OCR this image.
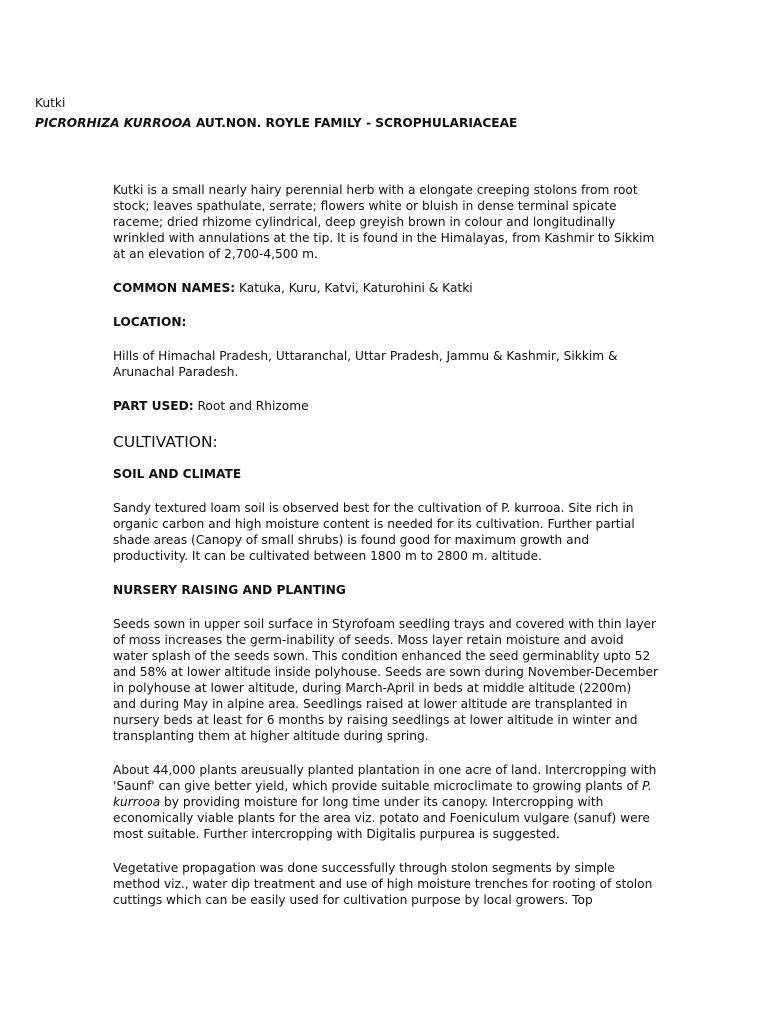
Kutki

PICRORHIZA KURROOA AUT.NON. ROYLE FAMILY - SCROPHULARIACEAE

Kutki is a small nearly hairy perennial herb with a elongate creeping stolons from root stock; leaves spathulate, serrate; flowers white or bluish in dense terminal spicate raceme; dried rhizome cylindrical, deep greyish brown in colour and longitudinally wrinkled with annulations at the tip. It is found in the Himalayas, from Kashmir to Sikkim at an elevation of 2,700-4,500 m.

COMMON NAMES: Katuka, Kuru, Katvi, Katurohini & Katki

LOCATION:

Hills of Himachal Pradesh, Uttaranchal, Uttar Pradesh, Jammu & Kashmir, Sikkim & Arunachal Paradesh.

PART USED: Root and Rhizome

CULTIVATION:

SOIL AND CLIMATE

Sandy textured loam soil is observed best for the cultivation of P. kurrooa. Site rich in organic carbon and high moisture content is needed for its cultivation. Further partial shade areas (Canopy of small shrubs) is found good for maximum growth and productivity. It can be cultivated between 1800 m to 2800 m. altitude.

NURSERY RAISING AND PLANTING

Seeds sown in upper soil surface in Styrofoam seedling trays and covered with thin layer of moss increases the germ-inability of seeds. Moss layer retain moisture and avoid water splash of the seeds sown. This condition enhanced the seed germinablity upto 52 and 58% at lower altitude inside polyhouse. Seeds are sown during November-December in polyhouse at lower altitude, during March-April in beds at middle altitude (2200m) and during May in alpine area. Seedlings raised at lower altitude are transplanted in nursery beds at least for 6 months by raising seedlings at lower altitude in winter and transplanting them at higher altitude during spring.

About 44,000 plants areusually planted plantation in one acre of land. Intercropping with 'Saunf' can give better yield, which provide suitable microclimate to growing plants of P. kurrooa by providing moisture for long time under its canopy. Intercropping with economically viable plants for the area viz. potato and Foeniculum vulgare (sanuf) were most suitable. Further intercropping with Digitalis purpurea is suggested.

Vegetative propagation was done successfully through stolon segments by simple method viz., water dip treatment and use of high moisture trenches for rooting of stolon cuttings which can be easily used for cultivation purpose by local growers. Top
